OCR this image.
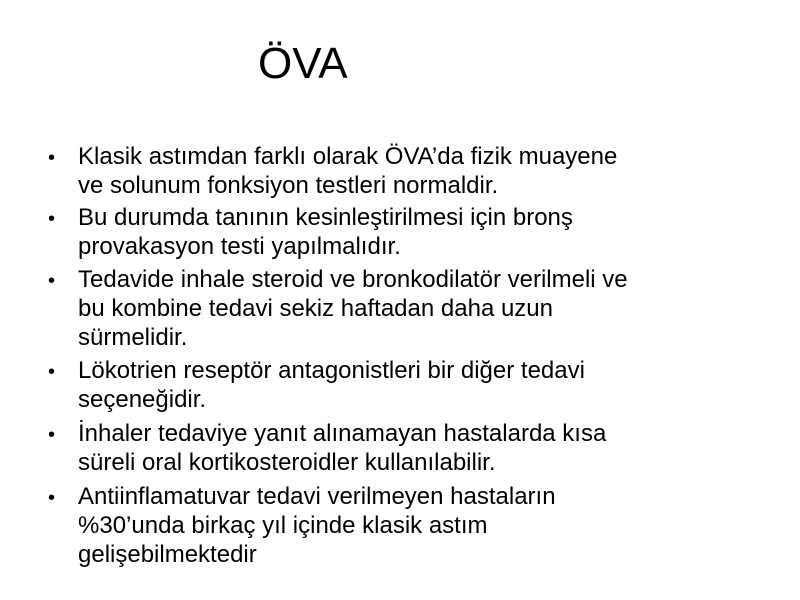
ÖVA
• Klasik astımdan farklı olarak ÖVA’da fizik muayene
ve solunum fonksiyon testleri normaldir.
• Bu durumda tanının kesinleştirilmesi için bronş
provakasyon testi yapılmalıdır.
• Tedavide inhale steroid ve bronkodilatör verilmeli ve
bu kombine tedavi sekiz haftadan daha uzun
sürmelidir.
• Lökotrien reseptör antagonistleri bir diğer tedavi
seçeneğidir.
• İnhaler tedaviye yanıt alınamayan hastalarda kısa
süreli oral kortikosteroidler kullanılabilir.
• Antiinflamatuvar tedavi verilmeyen hastaların
%30’unda birkaç yıl içinde klasik astım
gelişebilmektedir
